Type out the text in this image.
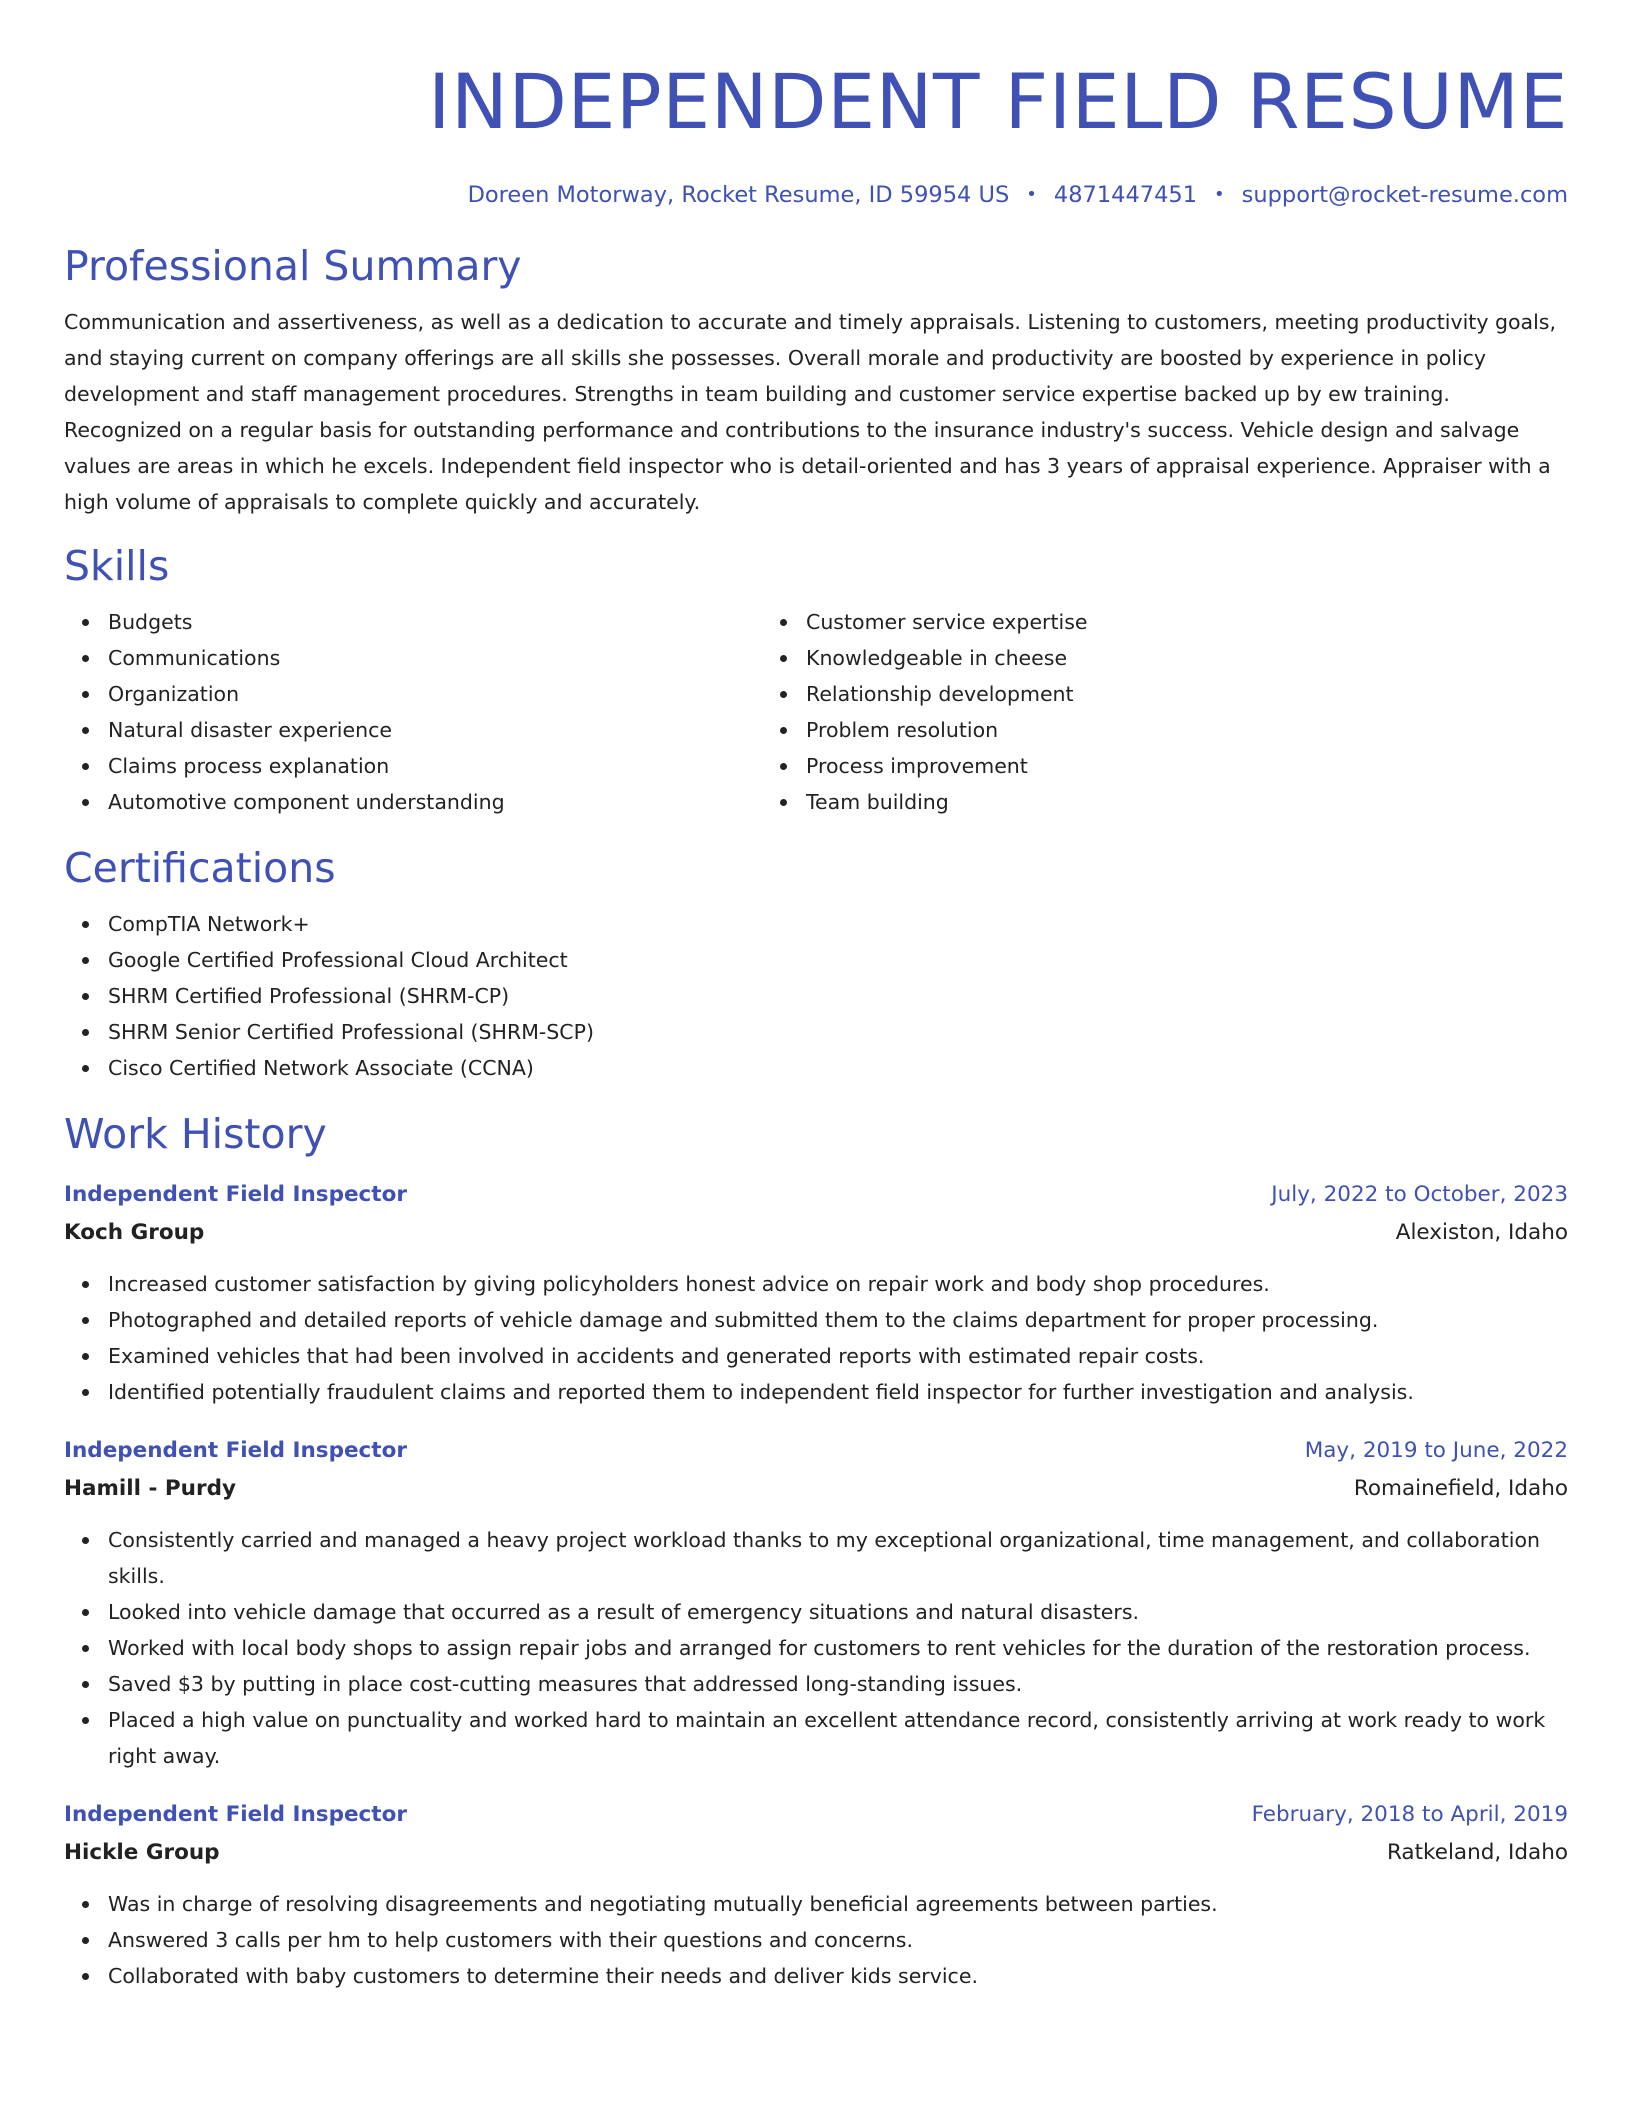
INDEPENDENT FIELD RESUME
Doreen Motorway, Rocket Resume, ID 59954 US • 4871447451 • support@rocket-resume.com
Professional Summary

Communication and assertiveness, as well as a dedication to accurate and timely appraisals. Listening to customers, meeting productivity goals, and staying current on company offerings are all skills she possesses. Overall morale and productivity are boosted by experience in policy development and staff management procedures. Strengths in team building and customer service expertise backed up by ew training. Recognized on a regular basis for outstanding performance and contributions to the insurance industry's success. Vehicle design and salvage values are areas in which he excels. Independent field inspector who is detail-oriented and has 3 years of appraisal experience. Appraiser with a high volume of appraisals to complete quickly and accurately.

Skills
Budgets
Communications
Organization
Natural disaster experience
Claims process explanation
Automotive component understanding
Customer service expertise
Knowledgeable in cheese
Relationship development
Problem resolution
Process improvement
Team building
Certifications
CompTIA Network+
Google Certified Professional Cloud Architect
SHRM Certified Professional (SHRM-CP)
SHRM Senior Certified Professional (SHRM-SCP)
Cisco Certified Network Associate (CCNA)
Work History
Independent Field Inspector	July, 2022 to October, 2023
Koch Group	Alexiston, Idaho
Increased customer satisfaction by giving policyholders honest advice on repair work and body shop procedures.
Photographed and detailed reports of vehicle damage and submitted them to the claims department for proper processing.
Examined vehicles that had been involved in accidents and generated reports with estimated repair costs.
Identified potentially fraudulent claims and reported them to independent field inspector for further investigation and analysis.
Independent Field Inspector	May, 2019 to June, 2022
Hamill - Purdy	Romainefield, Idaho
Consistently carried and managed a heavy project workload thanks to my exceptional organizational, time management, and collaboration skills.
Looked into vehicle damage that occurred as a result of emergency situations and natural disasters.
Worked with local body shops to assign repair jobs and arranged for customers to rent vehicles for the duration of the restoration process.
Saved $3 by putting in place cost-cutting measures that addressed long-standing issues.
Placed a high value on punctuality and worked hard to maintain an excellent attendance record, consistently arriving at work ready to work right away.
Independent Field Inspector	February, 2018 to April, 2019
Hickle Group	Ratkeland, Idaho
Was in charge of resolving disagreements and negotiating mutually beneficial agreements between parties.
Answered 3 calls per hm to help customers with their questions and concerns.
Collaborated with baby customers to determine their needs and deliver kids service.
